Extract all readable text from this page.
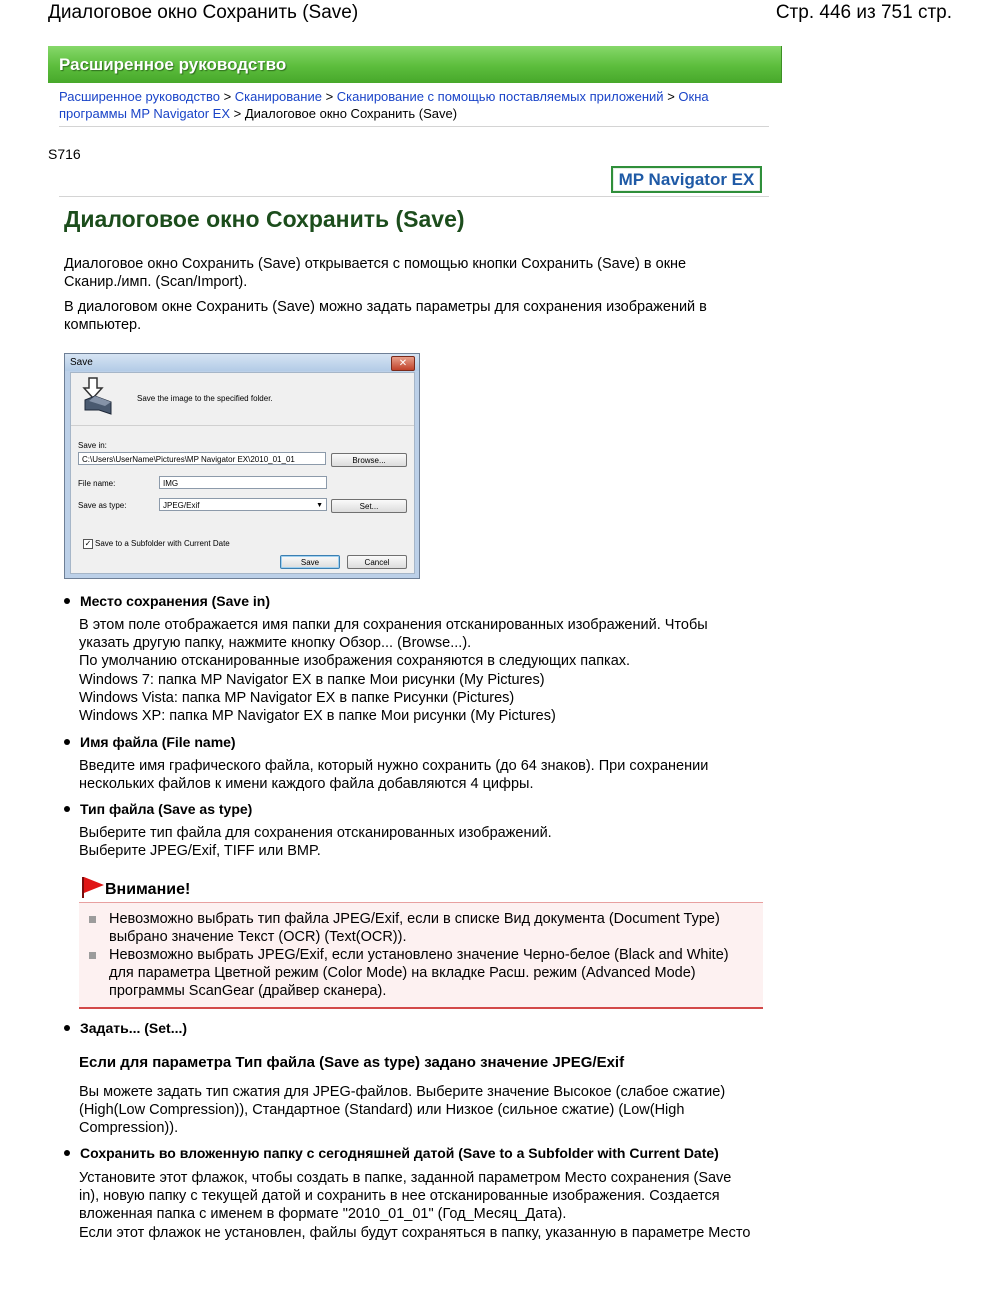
Диалоговое окно Сохранить (Save)	Стр. 446 из 751 стр.
Расширенное руководство
Расширенное руководство > Сканирование > Сканирование с помощью поставляемых приложений > Окна программы MP Navigator EX > Диалоговое окно Сохранить (Save)
S716
MP Navigator EX
Диалоговое окно Сохранить (Save)

Диалоговое окно Сохранить (Save) открывается с помощью кнопки Сохранить (Save) в окне
Сканир./имп. (Scan/Import).

В диалоговом окне Сохранить (Save) можно задать параметры для сохранения изображений в
компьютер.

Save	✕
Save the image to the specified folder.
Save in:
C:\Users\UserName\Pictures\MP Navigator EX\2010_01_01	Browse...
File name:	IMG
Save as type:	JPEG/Exif	▼	Set...
✓ Save to a Subfolder with Current Date
Save	Cancel
Место сохранения (Save in)
В этом поле отображается имя папки для сохранения отсканированных изображений. Чтобы
указать другую папку, нажмите кнопку Обзор... (Browse...).
По умолчанию отсканированные изображения сохраняются в следующих папках.
Windows 7: папка MP Navigator EX в папке Мои рисунки (My Pictures)
Windows Vista: папка MP Navigator EX в папке Рисунки (Pictures)
Windows XP: папка MP Navigator EX в папке Мои рисунки (My Pictures)
Имя файла (File name)
Введите имя графического файла, который нужно сохранить (до 64 знаков). При сохранении
нескольких файлов к имени каждого файла добавляются 4 цифры.
Тип файла (Save as type)
Выберите тип файла для сохранения отсканированных изображений.
Выберите JPEG/Exif, TIFF или BMP.
Внимание!
Невозможно выбрать тип файла JPEG/Exif, если в списке Вид документа (Document Type)
выбрано значение Текст (OCR) (Text(OCR)).
Невозможно выбрать JPEG/Exif, если установлено значение Черно-белое (Black and White)
для параметра Цветной режим (Color Mode) на вкладке Расш. режим (Advanced Mode)
программы ScanGear (драйвер сканера).
Задать... (Set...)
Если для параметра Тип файла (Save as type) задано значение JPEG/Exif
Вы можете задать тип сжатия для JPEG-файлов. Выберите значение Высокое (слабое сжатие)
(High(Low Compression)), Стандартное (Standard) или Низкое (сильное сжатие) (Low(High
Compression)).
Сохранить во вложенную папку с сегодняшней датой (Save to a Subfolder with Current Date)
Установите этот флажок, чтобы создать в папке, заданной параметром Место сохранения (Save
in), новую папку с текущей датой и сохранить в нее отсканированные изображения. Создается
вложенная папка с именем в формате "2010_01_01" (Год_Месяц_Дата).
Если этот флажок не установлен, файлы будут сохраняться в папку, указанную в параметре Место
